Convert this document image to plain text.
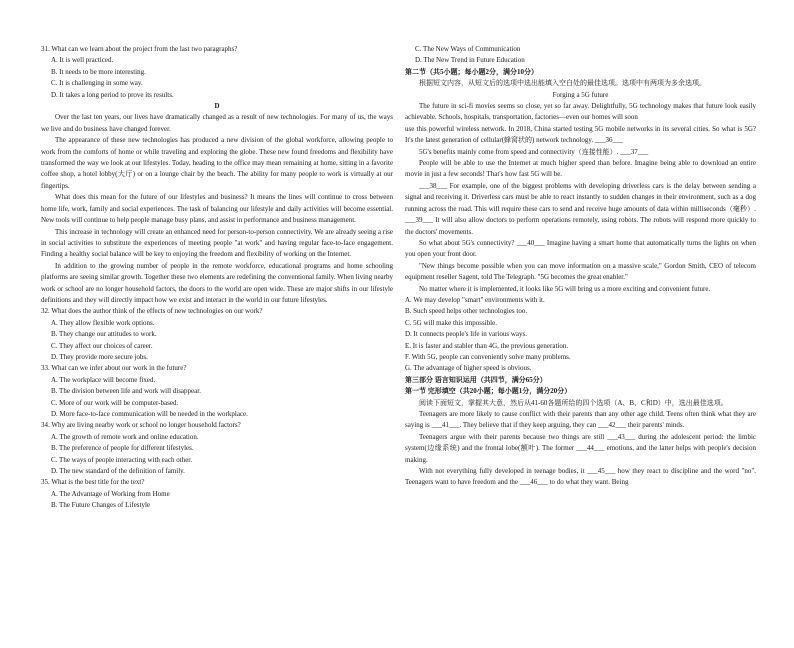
31. What can we learn about the project from the last two paragraphs?

A. It is well practiced.

B. It needs to be more interesting.

C. It is challenging in some way.

D. It takes a long period to prove its results.

D

Over the last ten years, our lives have dramatically changed as a result of new technologies. For many of us, the ways we live and do business have changed forever.

The appearance of these new technologies has produced a new division of the global workforce, allowing people to work from the comforts of home or while traveling and exploring the globe. These new found freedoms and flexibility have transformed the way we look at our lifestyles. Today, heading to the office may mean remaining at home, sitting in a favorite coffee shop, a hotel lobby(大厅) or on a lounge chair by the beach. The ability for many people to work is virtually at our fingertips.

What does this mean for the future of our lifestyles and business? It means the lines will continue to cross between home life, work, family and social experiences. The task of balancing our lifestyle and daily activities will become essential. New tools will continue to help people manage busy plans, and assist in performance and business management.

This increase in technology will create an enhanced need for person-to-person connectivity. We are already seeing a rise in social activities to substitute the experiences of meeting people "at work" and having regular face-to-face engagement. Finding a healthy social balance will be key to enjoying the freedom and flexibility of working on the Internet.

In addition to the growing number of people in the remote workforce, educational programs and home schooling platforms are seeing similar growth. Together these two elements are redefining the conventional family. When living nearby work or school are no longer household factors, the doors to the world are open wide. These are major shifts in our lifestyle definitions and they will directly impact how we exist and interact in the world in our future lifestyles.

32. What does the author think of the effects of new technologies on our work?

A. They allow flexible work options.

B. They change our attitudes to work.

C. They affect our choices of career.

D. They provide more secure jobs.

33. What can we infer about our work in the future?

A. The workplace will become fixed.

B. The division between life and work will disappear.

C. More of our work will be computer-based.

D. More face-to-face communication will be needed in the workplace.

34. Why are living nearby work or school no longer household factors?

A. The growth of remote work and online education.

B. The preference of people for different lifestyles.

C. The ways of people interacting with each other.

D. The new standard of the definition of family.

35. What is the best title for the text?

A. The Advantage of Working from Home

B. The Future Changes of Lifestyle

C. The New Ways of Communication

D. The New Trend in Future Education

第二节（共5小题；每小题2分，满分10分）

根据短文内容，从短文后的选项中选出能填入空白处的最佳选项。选项中有两项为多余选项。

Forging a 5G future

The future in sci-fi movies seems so close, yet so far away. Delightfully, 5G technology makes that future look easily achievable. Schools, hospitals, transportation, factories—even our homes will soon

use this powerful wireless network. In 2018, China started testing 5G mobile networks in its several cities. So what is 5G? It's the latest generation of cellular(蜂窝状的) network technology. ___36___

5G's benefits mainly come from speed and connectivity（连接性能）. ___37___

People will be able to use the Internet at much higher speed than before. Imagine being able to download an entire movie in just a few seconds! That's how fast 5G will be.

___38___ For example, one of the biggest problems with developing driverless cars is the delay between sending a signal and receiving it. Driverless cars must be able to react instantly to sudden changes in their environment, such as a dog running across the road. This will require these cars to send and receive huge amounts of data within milliseconds（毫秒）. ___39___ It will also allow doctors to perform operations remotely, using robots. The robots will respond more quickly to the doctors' movements.

So what about 5G's connectivity? ___40___ Imagine having a smart home that automatically turns the lights on when you open your front door.

"New things become possible when you can move information on a massive scale," Gordon Smith, CEO of telecom equipment reseller Sagent, told The Telegraph. "5G becomes the great enabler."

No matter where it is implemented, it looks like 5G will bring us a more exciting and convenient future.

A. We may develop "smart" environments with it.

B. Such speed helps other technologies too.

C. 5G will make this impossible.

D. It connects people's life in various ways.

E. It is faster and stabler than 4G, the previous generation.

F. With 5G, people can conveniently solve many problems.

G. The advantage of higher speed is obvious.

第三部分 语言知识运用（共四节，满分65分）

第一节 完形填空（共20小题；每小题1分，满分20分）

阅读下面短文，掌握其大意，然后从41-60各题所给的四个选项（A、B、C和D）中，选出最佳选项。

Teenagers are more likely to cause conflict with their parents than any other age child. Teens often think what they are saying is ___41___. They believe that if they keep arguing, they can ___42___ their parents' minds.

Teenagers argue with their parents because two things are still ___43___ during the adolescent period: the limbic system(边缘系统) and the frontal lobe(额叶). The former ___44___ emotions, and the latter helps with people's decision making.

With not everything fully developed in teenage bodies, it ___45___ how they react to discipline and the word "no". Teenagers want to have freedom and the ___46___ to do what they want. Being
